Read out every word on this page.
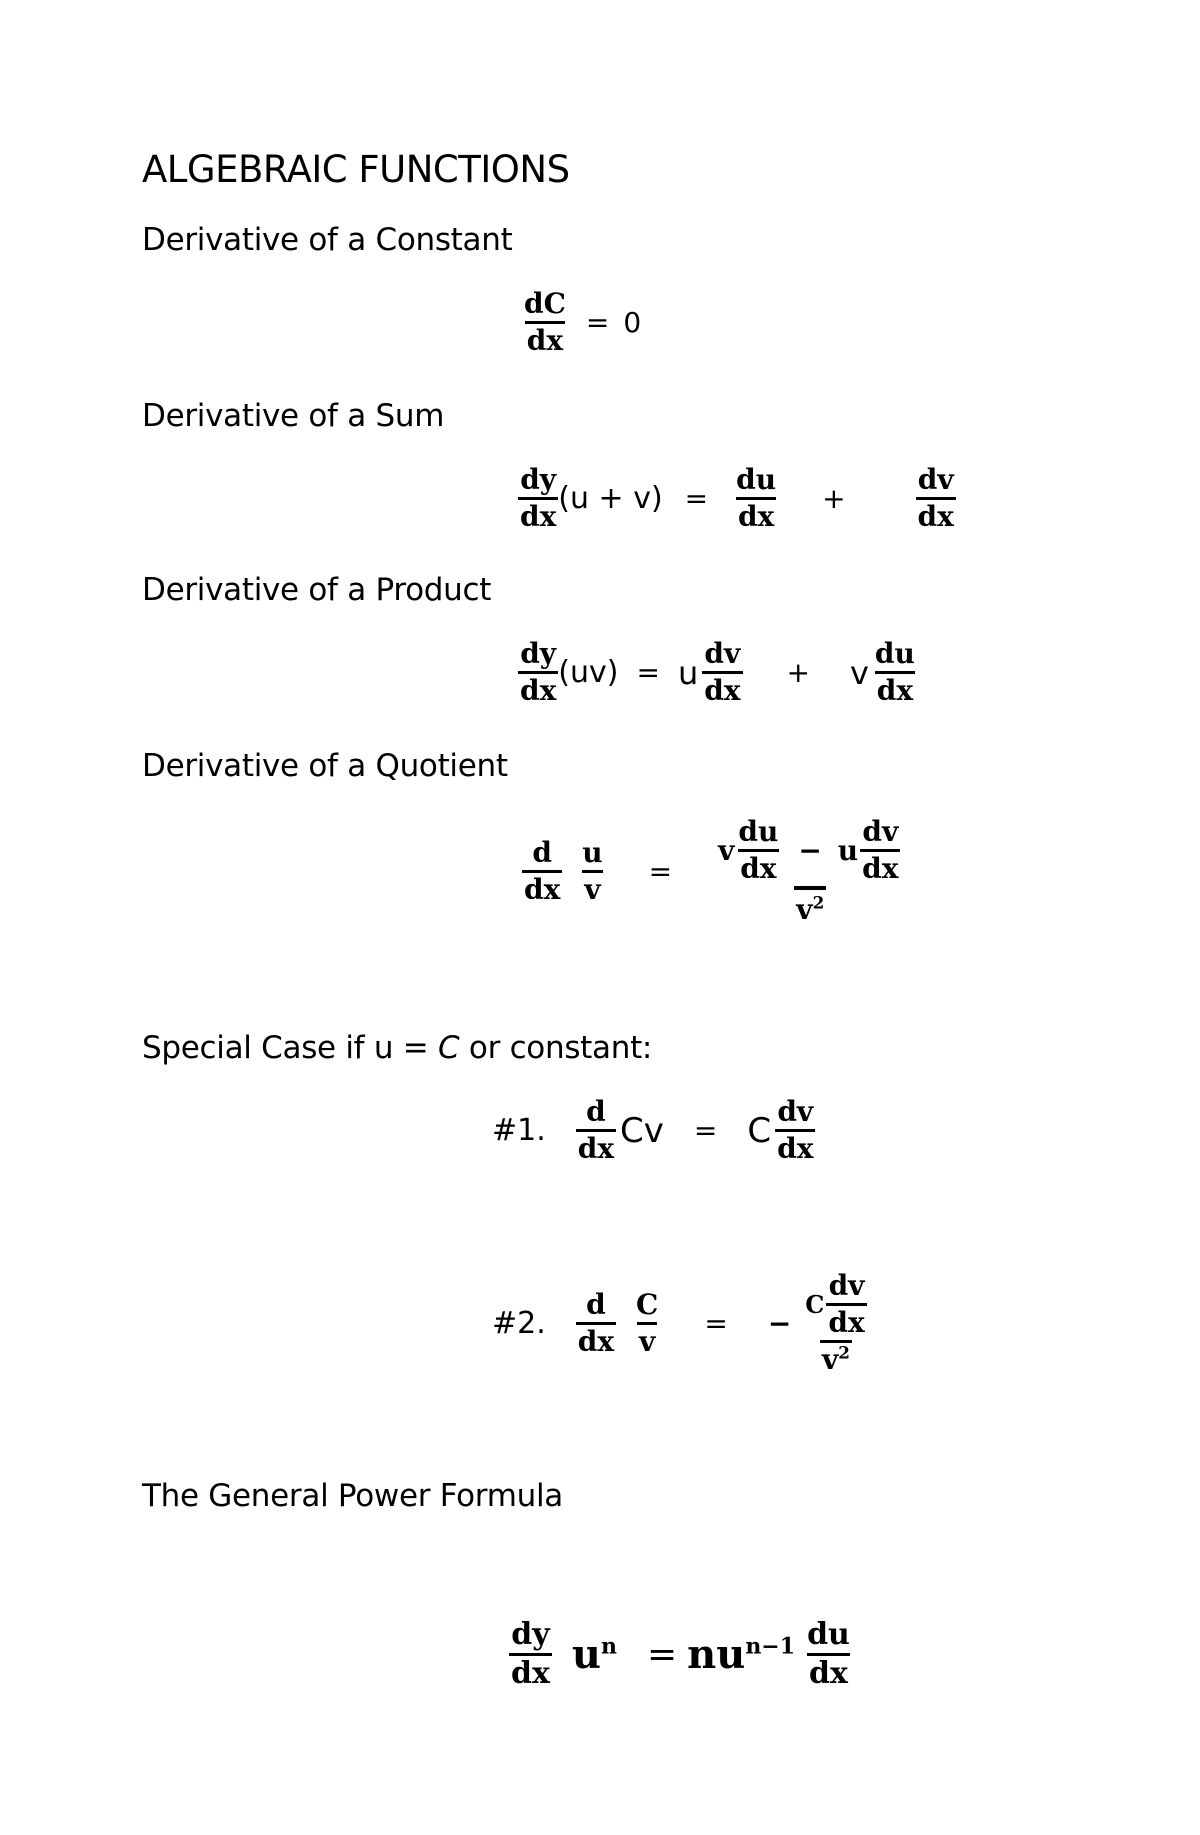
ALGEBRAIC FUNCTIONS
Derivative of a Constant
$\frac{dC}{dx} = 0$
Derivative of a Sum
$\frac{dy}{dx} (u + v) = \frac{du}{dx}$ +	$\frac{dv}{dx}$
Derivative of a Product
$\frac{dy}{dx} (uv) = u \frac{dv}{dx} + v \frac{du}{dx}$
Derivative of a Quotient
$\frac{d}{dx} \frac{u}{v}$ =
v $\frac{du}{dx} - u \frac{dv}{dx}$
$v^2$
Special Case if u = C or constant:
#1. $\frac{d}{dx}$ Cv = C $\frac{dv}{dx}$
#2. $\frac{d}{dx} \frac{C}{v}$ = − $\frac{C \frac{dv}{dx}}{v^2}$
The General Power Formula
$\frac{dy}{dx} u^n = nu^{n-1} \frac{du}{dx}$
